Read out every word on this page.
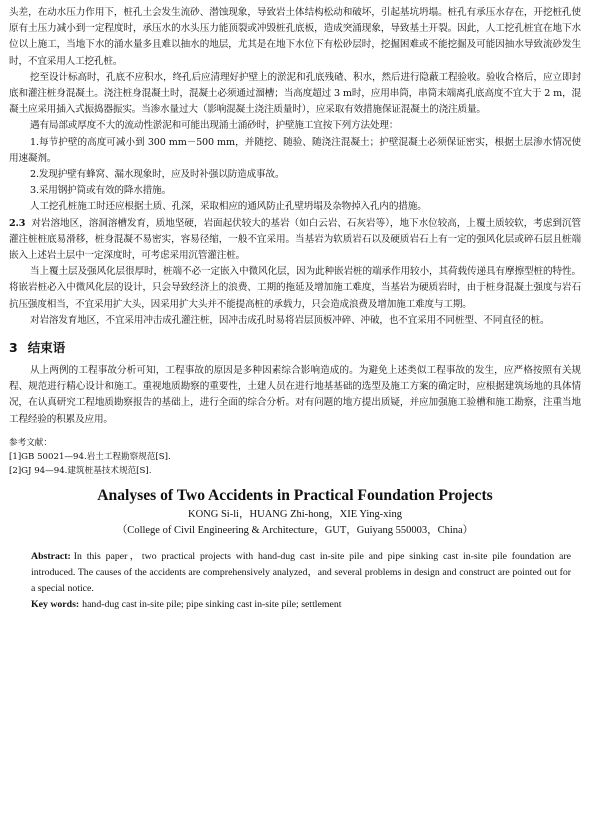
头差，在动水压力作用下，桩孔土会发生流砂、潜蚀现象，导致岩土体结构松动和破坏，引起基坑坍塌。桩孔有承压水存在，开挖桩孔使原有土压力减小到一定程度时，承压水的水头压力能顶裂或冲毁桩孔底板，造成突涌现象，导致基土开裂。因此，人工挖孔桩宜在地下水位以上施工，当地下水的涌水量多且难以抽水的地层，尤其是在地下水位下有松砂层时，挖掘困难或不能挖掘及可能因抽水导致流砂发生时，不宜采用人工挖孔桩。

挖至设计标高时，孔底不应积水，终孔后应清理好护壁上的淤泥和孔底残碴、积水，然后进行隐蔽工程验收。验收合格后，应立即封底和灌注桩身混凝土。浇注桩身混凝土时，混凝土必须通过溜槽；当高度超过 3 m时，应用串筒，串筒末端离孔底高度不宜大于 2 m，混凝土应采用插入式振捣器振实。当渗水量过大（影响混凝土浇注质量时），应采取有效措施保证混凝土的浇注质量。

遇有局部或厚度不大的流动性淤泥和可能出现涌土涌砂时，护壁施工宜按下列方法处理：

1.每节护壁的高度可减小到 300 mm－500 mm，并随挖、随验、随浇注混凝土；护壁混凝土必须保证密实，根据土层渗水情况使用速凝剂。

2.发现护壁有蜂窝、漏水现象时，应及时补强以防造成事故。

3.采用钢护筒或有效的降水措施。

人工挖孔桩施工时还应根据土质、孔深，采取相应的通风防止孔壁坍塌及杂物掉入孔内的措施。

2.3 对岩溶地区，溶洞溶槽发育，质地坚硬，岩面起伏较大的基岩（如白云岩、石灰岩等），地下水位较高，上覆土质较软，考虑到沉管灌注桩桩底易滑移，桩身混凝不易密实，容易径缩，一般不宜采用。当基岩为软质岩石以及硬质岩石上有一定的强风化层或碎石层且桩端嵌入上述岩土层中一定深度时，可考虑采用沉管灌注桩。

当上覆土层及强风化层很厚时，桩端不必一定嵌入中微风化层，因为此种嵌岩桩的端承作用较小，其荷载传递具有摩擦型桩的特性。将嵌岩桩必入中微风化层的设计，只会导致经济上的浪费、工期的拖延及增加施工难度，当基岩为硬质岩时，由于桩身混凝土强度与岩石抗压强度相当，不宜采用扩大头，因采用扩大头并不能提高桩的承载力，只会造成浪费及增加施工难度与工期。

对岩溶发育地区，不宜采用冲击成孔灌注桩，因冲击成孔时易将岩层顶板冲碎、冲破，也不宜采用不同桩型、不同直径的桩。

3 结束语

从上两例的工程事故分析可知，工程事故的原因是多种因素综合影响造成的。为避免上述类似工程事故的发生，应严格按照有关规程、规范进行精心设计和施工。重视地质勘察的重要性，土建人员在进行地基基础的选型及施工方案的确定时，应根据建筑场地的具体情况，在认真研究工程地质勘察报告的基础上，进行全面的综合分析。对有问题的地方提出质疑，并应加强施工验槽和施工勘察，注重当地工程经验的积累及应用。

参考文献：

[1]GB 50021—94.岩土工程勘察规范[S].

[2]GJ 94—94.建筑桩基技术规范[S].

Analyses of Two Accidents in Practical Foundation Projects
KONG Si-li，HUANG Zhi-hong，XIE Ying-xing
（College of Civil Engineering & Architecture，GUT，Guiyang 550003，China）

Abstract: In this paper，two practical projects with hand-dug cast in-site pile and pipe sinking cast in-site pile foundation are introduced. The causes of the accidents are comprehensively analyzed，and several problems in design and construct are pointed out for a special notice.

Key words: hand-dug cast in-site pile; pipe sinking cast in-site pile; settlement
